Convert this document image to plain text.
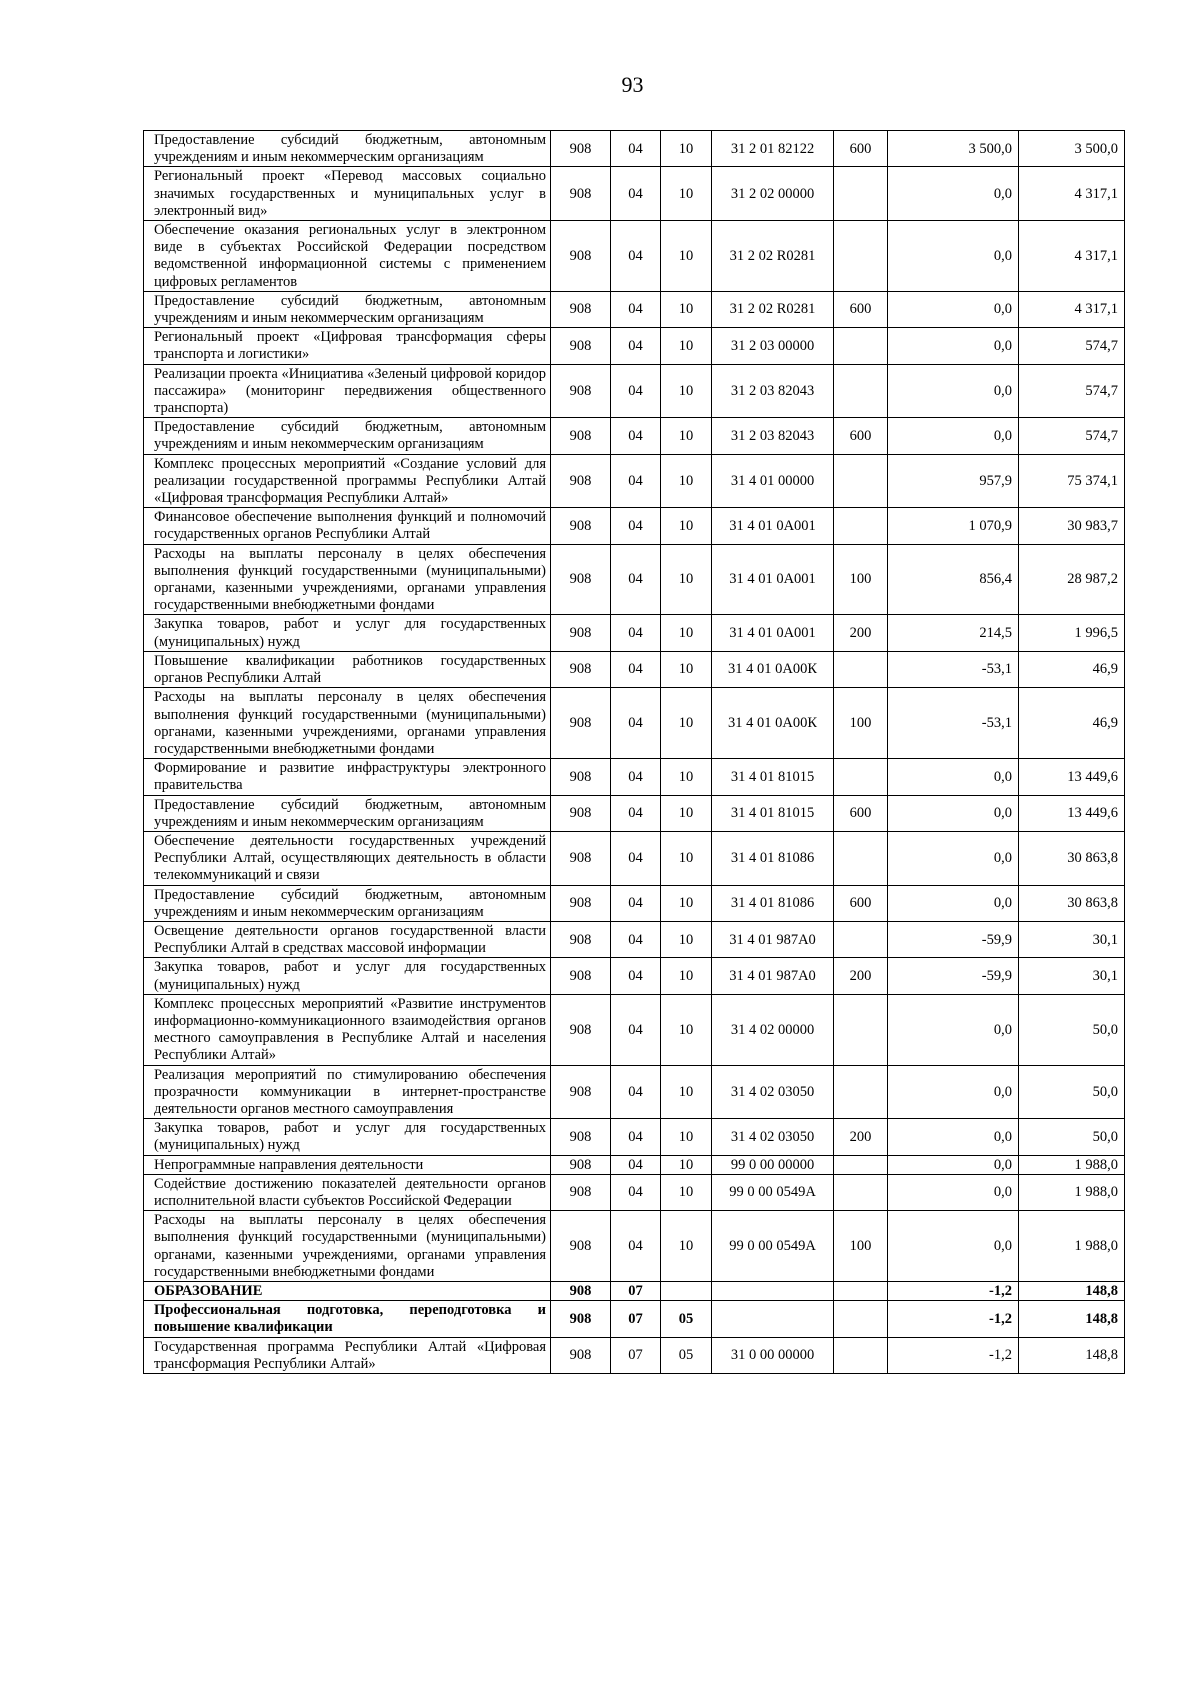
93
Предоставление субсидий бюджетным, автономным учреждениям и иным некоммерческим организациям	908	04	10	31 2 01 82122	600	3 500,0	3 500,0
Региональный проект «Перевод массовых социально значимых государственных и муниципальных услуг в электронный вид»	908	04	10	31 2 02 00000		0,0	4 317,1
Обеспечение оказания региональных услуг в электронном виде в субъектах Российской Федерации посредством ведомственной информационной системы с применением цифровых регламентов	908	04	10	31 2 02 R0281		0,0	4 317,1
Предоставление субсидий бюджетным, автономным учреждениям и иным некоммерческим организациям	908	04	10	31 2 02 R0281	600	0,0	4 317,1
Региональный проект «Цифровая трансформация сферы транспорта и логистики»	908	04	10	31 2 03 00000		0,0	574,7
Реализации проекта «Инициатива «Зеленый цифровой коридор пассажира» (мониторинг передвижения общественного транспорта)	908	04	10	31 2 03 82043		0,0	574,7
Предоставление субсидий бюджетным, автономным учреждениям и иным некоммерческим организациям	908	04	10	31 2 03 82043	600	0,0	574,7
Комплекс процессных мероприятий «Создание условий для реализации государственной программы Республики Алтай «Цифровая трансформация Республики Алтай»	908	04	10	31 4 01 00000		957,9	75 374,1
Финансовое обеспечение выполнения функций и полномочий государственных органов Республики Алтай	908	04	10	31 4 01 0А001		1 070,9	30 983,7
Расходы на выплаты персоналу в целях обеспечения выполнения функций государственными (муниципальными) органами, казенными учреждениями, органами управления государственными внебюджетными фондами	908	04	10	31 4 01 0А001	100	856,4	28 987,2
Закупка товаров, работ и услуг для государственных (муниципальных) нужд	908	04	10	31 4 01 0А001	200	214,5	1 996,5
Повышение квалификации работников государственных органов Республики Алтай	908	04	10	31 4 01 0А00К		-53,1	46,9
Расходы на выплаты персоналу в целях обеспечения выполнения функций государственными (муниципальными) органами, казенными учреждениями, органами управления государственными внебюджетными фондами	908	04	10	31 4 01 0А00К	100	-53,1	46,9
Формирование и развитие инфраструктуры электронного правительства	908	04	10	31 4 01 81015		0,0	13 449,6
Предоставление субсидий бюджетным, автономным учреждениям и иным некоммерческим организациям	908	04	10	31 4 01 81015	600	0,0	13 449,6
Обеспечение деятельности государственных учреждений Республики Алтай, осуществляющих деятельность в области телекоммуникаций и связи	908	04	10	31 4 01 81086		0,0	30 863,8
Предоставление субсидий бюджетным, автономным учреждениям и иным некоммерческим организациям	908	04	10	31 4 01 81086	600	0,0	30 863,8
Освещение деятельности органов государственной власти Республики Алтай в средствах массовой информации	908	04	10	31 4 01 987А0		-59,9	30,1
Закупка товаров, работ и услуг для государственных (муниципальных) нужд	908	04	10	31 4 01 987А0	200	-59,9	30,1
Комплекс процессных мероприятий «Развитие инструментов информационно-коммуникационного взаимодействия органов местного самоуправления в Республике Алтай и населения Республики Алтай»	908	04	10	31 4 02 00000		0,0	50,0
Реализация мероприятий по стимулированию обеспечения прозрачности коммуникации в интернет-пространстве деятельности органов местного самоуправления	908	04	10	31 4 02 03050		0,0	50,0
Закупка товаров, работ и услуг для государственных (муниципальных) нужд	908	04	10	31 4 02 03050	200	0,0	50,0
Непрограммные направления деятельности	908	04	10	99 0 00 00000		0,0	1 988,0
Содействие достижению показателей деятельности органов исполнительной власти субъектов Российской Федерации	908	04	10	99 0 00 0549А		0,0	1 988,0
Расходы на выплаты персоналу в целях обеспечения выполнения функций государственными (муниципальными) органами, казенными учреждениями, органами управления государственными внебюджетными фондами	908	04	10	99 0 00 0549А	100	0,0	1 988,0
ОБРАЗОВАНИЕ	908	07				-1,2	148,8
Профессиональная подготовка, переподготовка и повышение квалификации	908	07	05			-1,2	148,8
Государственная программа Республики Алтай «Цифровая трансформация Республики Алтай»	908	07	05	31 0 00 00000		-1,2	148,8
